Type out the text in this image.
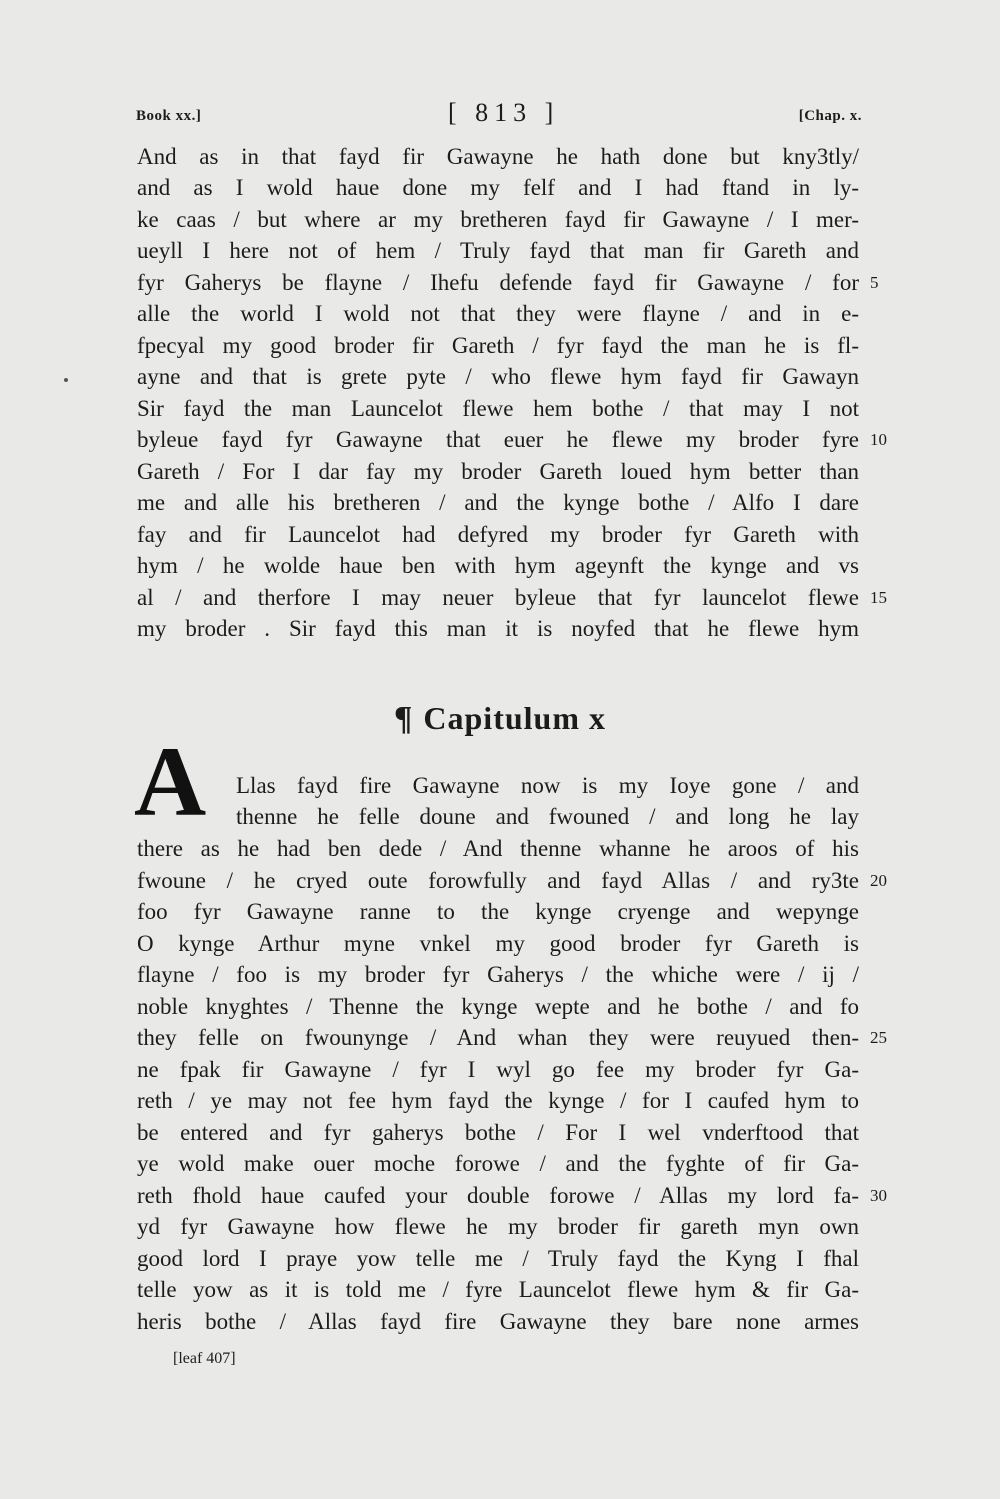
Book xx.]	[ 813 ]	[Chap. x.
And as in that fayd fir Gawayne he hath done but kny3tly/
and as I wold haue done my felf and I had ftand in ly-
ke caas / but where ar my bretheren fayd fir Gawayne / I mer-
ueyll I here not of hem / Truly fayd that man fir Gareth and
fyr Gaherys be flayne / Ihefu defende fayd fir Gawayne / for
alle the world I wold not that they were flayne / and in e-
fpecyal my good broder fir Gareth / fyr fayd the man he is fl-
ayne and that is grete pyte / who flewe hym fayd fir Gawayn
Sir fayd the man Launcelot flewe hem bothe / that may I not
byleue fayd fyr Gawayne that euer he flewe my broder fyre
Gareth / For I dar fay my broder Gareth loued hym better than
me and alle his bretheren / and the kynge bothe / Alfo I dare
fay and fir Launcelot had defyred my broder fyr Gareth with
hym / he wolde haue ben with hym ageynft the kynge and vs
al / and therfore I may neuer byleue that fyr launcelot flewe
my broder . Sir fayd this man it is noyfed that he flewe hym
5
10
15
¶ Capitulum x
A Llas fayd fire Gawayne now is my Ioye gone / and
thenne he felle doune and fwouned / and long he lay
there as he had ben dede / And thenne whanne he aroos of his
fwoune / he cryed oute forowfully and fayd Allas / and ry3te
foo fyr Gawayne ranne to the kynge cryenge and wepynge
O kynge Arthur myne vnkel my good broder fyr Gareth is
flayne / foo is my broder fyr Gaherys / the whiche were / ij /
noble knyghtes / Thenne the kynge wepte and he bothe / and fo
they felle on fwounynge / And whan they were reuyued then-
ne fpak fir Gawayne / fyr I wyl go fee my broder fyr Ga-
reth / ye may not fee hym fayd the kynge / for I caufed hym to
be entered and fyr gaherys bothe / For I wel vnderftood that
ye wold make ouer moche forowe / and the fyghte of fir Ga-
reth fhold haue caufed your double forowe / Allas my lord fa-
yd fyr Gawayne how flewe he my broder fir gareth myn own
good lord I praye yow telle me / Truly fayd the Kyng I fhal
telle yow as it is told me / fyre Launcelot flewe hym & fir Ga-
heris bothe / Allas fayd fire Gawayne they bare none armes
20
25
30
[leaf 407]
